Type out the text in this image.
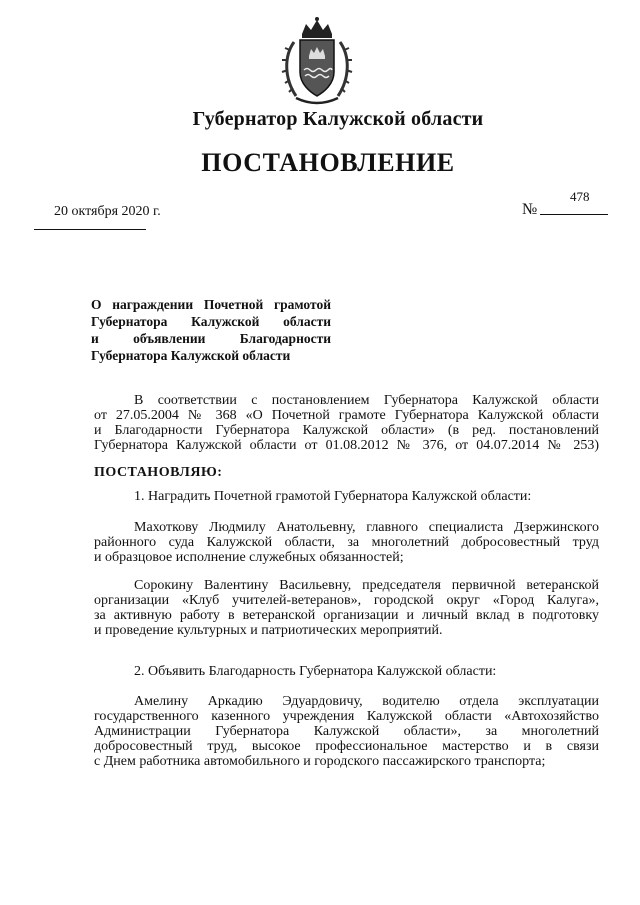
Губернатор Калужской области
ПОСТАНОВЛЕНИЕ
20 октября 2020 г.	№
478
О награждении Почетной грамотой
Губернатора Калужской области
и объявлении Благодарности
Губернатора Калужской области
В соответствии с постановлением Губернатора Калужской области
от 27.05.2004 № 368 «О Почетной грамоте Губернатора Калужской области
и Благодарности Губернатора Калужской области» (в ред. постановлений
Губернатора Калужской области от 01.08.2012 № 376, от 04.07.2014 № 253)
ПОСТАНОВЛЯЮ:
1. Наградить Почетной грамотой Губернатора Калужской области:
Махоткову Людмилу Анатольевну, главного специалиста Дзержинского
районного суда Калужской области, за многолетний добросовестный труд
и образцовое исполнение служебных обязанностей;
Сорокину Валентину Васильевну, председателя первичной ветеранской
организации «Клуб учителей-ветеранов», городской округ «Город Калуга»,
за активную работу в ветеранской организации и личный вклад в подготовку
и проведение культурных и патриотических мероприятий.
2. Объявить Благодарность Губернатора Калужской области:
Амелину Аркадию Эдуардовичу, водителю отдела эксплуатации
государственного казенного учреждения Калужской области «Автохозяйство
Администрации Губернатора Калужской области», за многолетний
добросовестный труд, высокое профессиональное мастерство и в связи
с Днем работника автомобильного и городского пассажирского транспорта;
